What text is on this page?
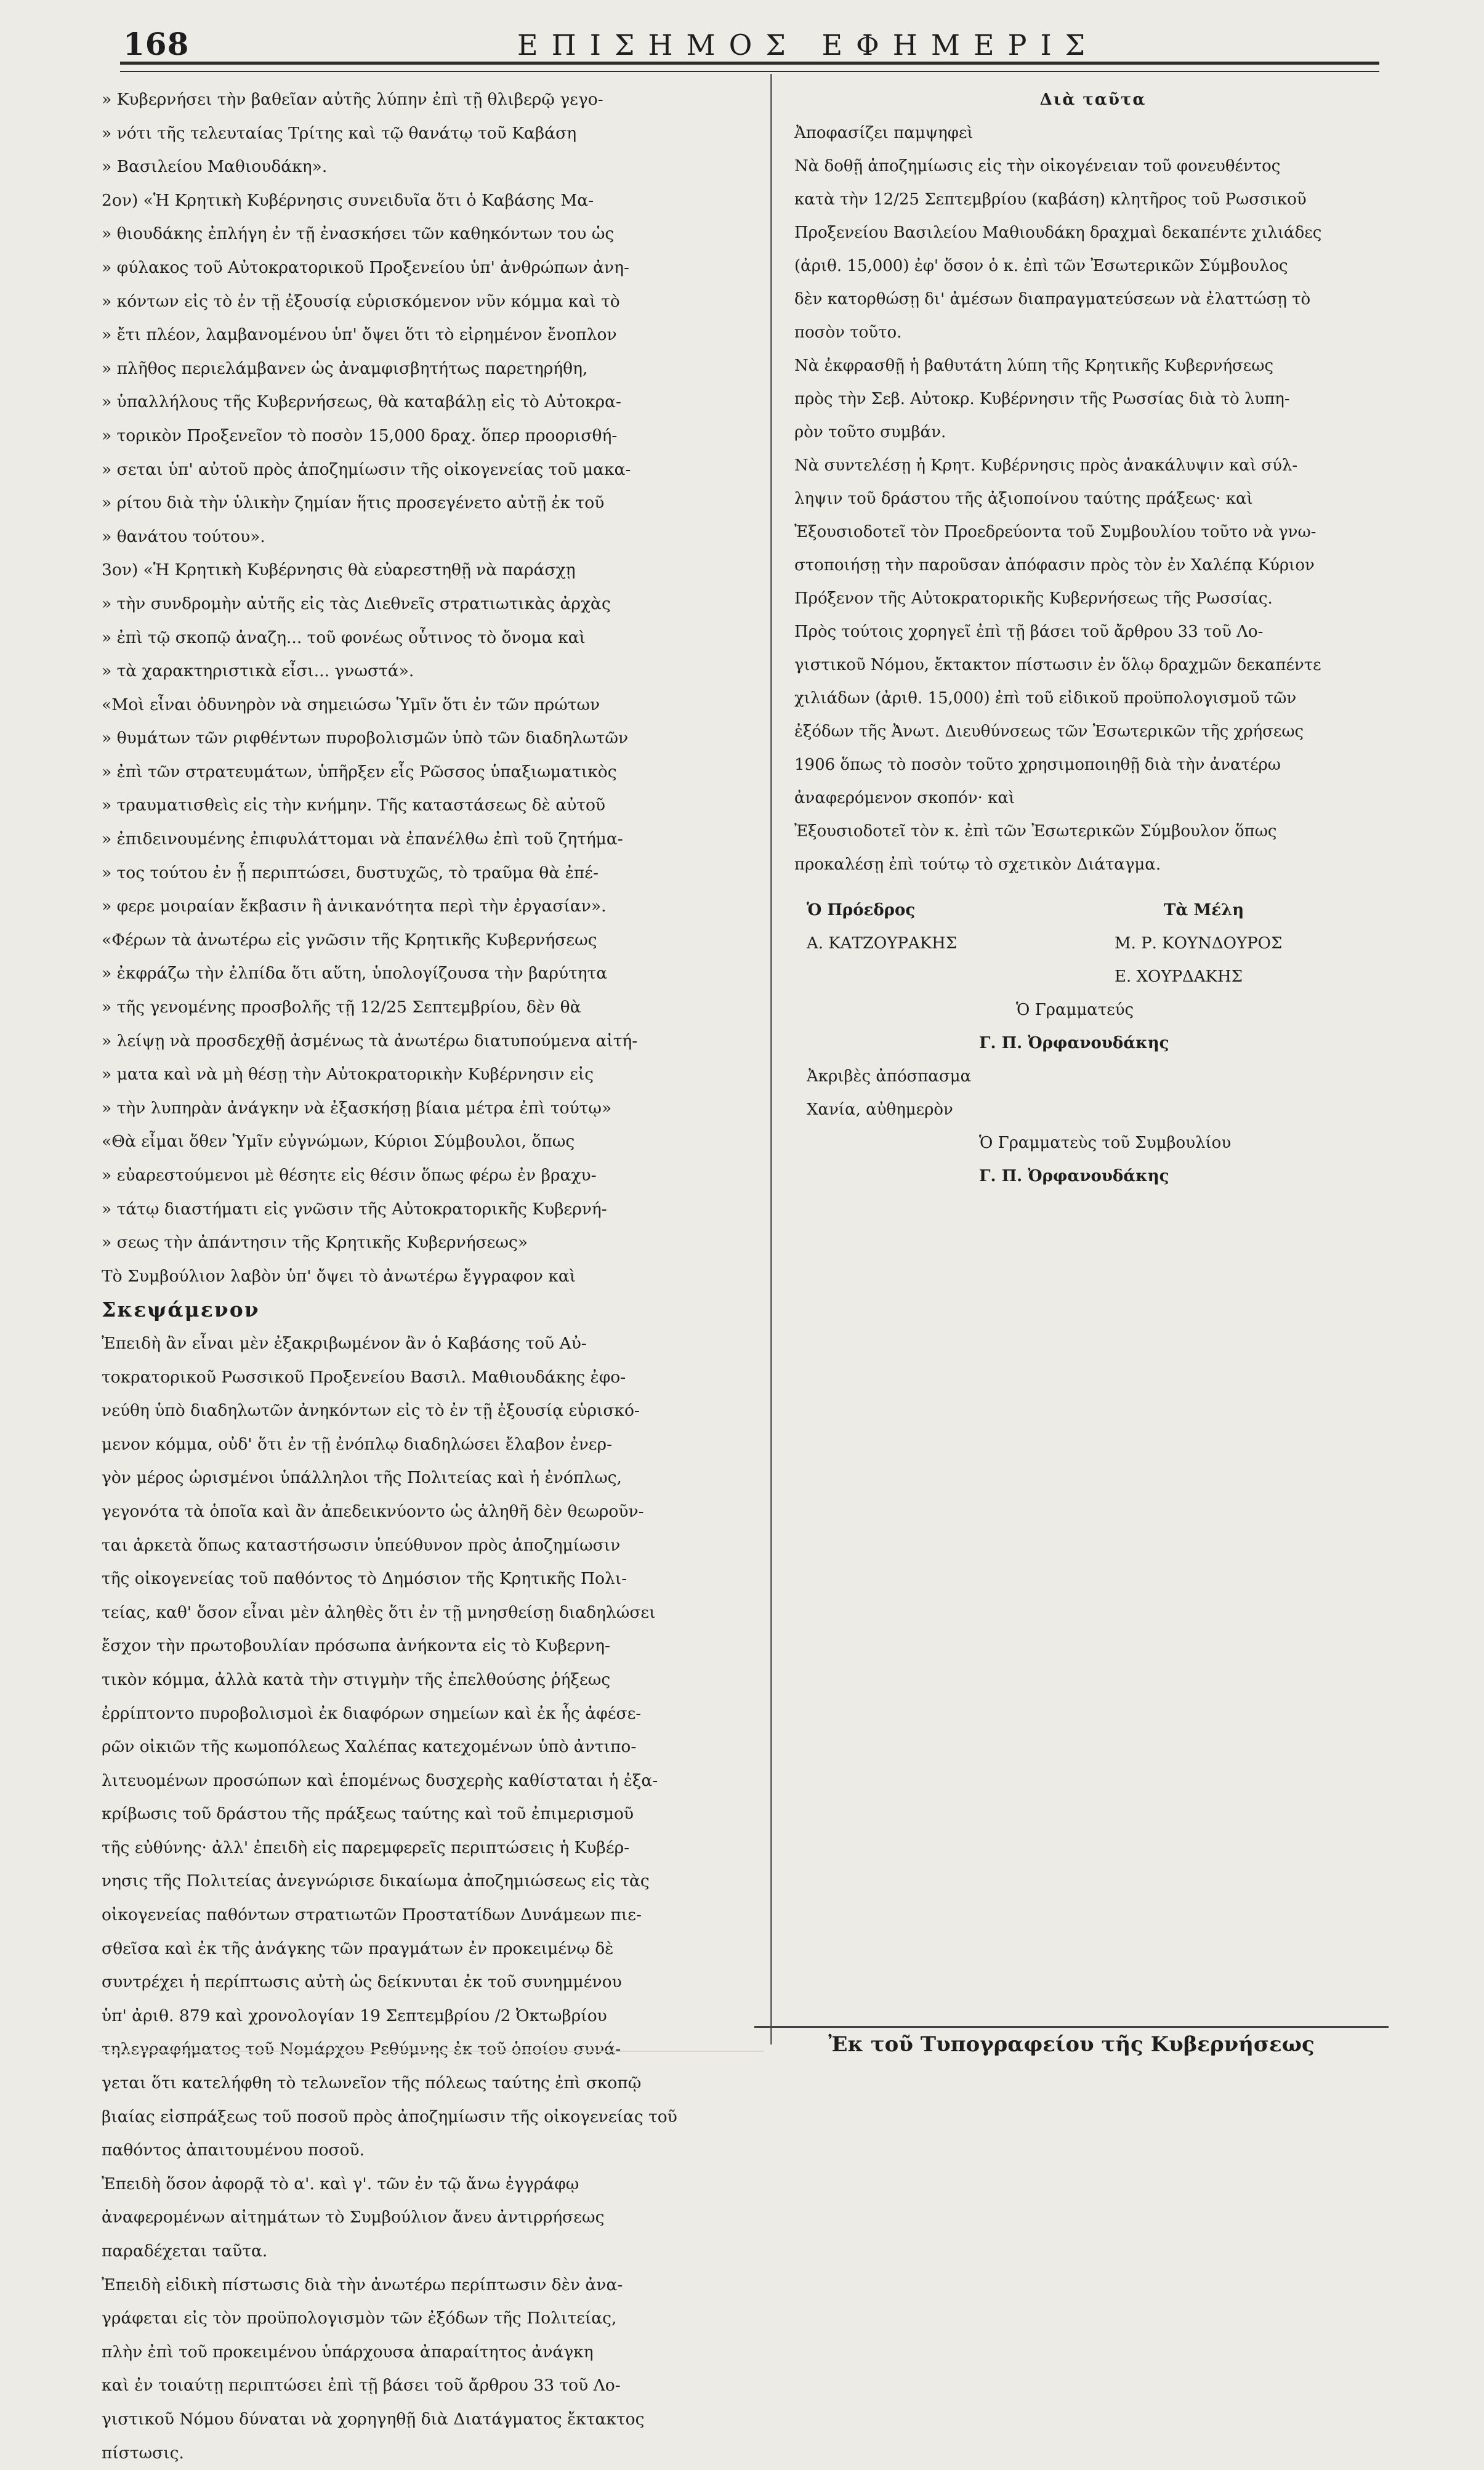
168	ΕΠΙΣΗΜΟΣ ΕΦΗΜΕΡΙΣ
» Κυβερνήσει τὴν βαθεῖαν αὐτῆς λύπην ἐπὶ τῇ θλιβερῷ γεγο-
» νότι τῆς τελευταίας Τρίτης καὶ τῷ θανάτῳ τοῦ Καβάση
» Βασιλείου Μαθιουδάκη».
2ον) «Ἡ Κρητικὴ Κυβέρνησις συνειδυῖα ὅτι ὁ Καβάσης Μα-
» θιουδάκης ἐπλήγη ἐν τῇ ἐνασκήσει τῶν καθηκόντων του ὡς
» φύλακος τοῦ Αὐτοκρατορικοῦ Προξενείου ὑπ' ἀνθρώπων ἀνη-
» κόντων εἰς τὸ ἐν τῇ ἐξουσίᾳ εὑρισκόμενον νῦν κόμμα καὶ τὸ
» ἔτι πλέον, λαμβανομένου ὑπ' ὄψει ὅτι τὸ εἰρημένον ἔνοπλον
» πλῆθος περιελάμβανεν ὡς ἀναμφισβητήτως παρετηρήθη,
» ὑπαλλήλους τῆς Κυβερνήσεως, θὰ καταβάλῃ εἰς τὸ Αὐτοκρα-
» τορικὸν Προξενεῖον τὸ ποσὸν 15,000 δραχ. ὅπερ προορισθή-
» σεται ὑπ' αὐτοῦ πρὸς ἀποζημίωσιν τῆς οἰκογενείας τοῦ μακα-
» ρίτου διὰ τὴν ὑλικὴν ζημίαν ἥτις προσεγένετο αὐτῇ ἐκ τοῦ
» θανάτου τούτου».
3ον) «Ἡ Κρητικὴ Κυβέρνησις θὰ εὐαρεστηθῇ νὰ παράσχῃ
» τὴν συνδρομὴν αὐτῆς εἰς τὰς Διεθνεῖς στρατιωτικὰς ἀρχὰς
» ἐπὶ τῷ σκοπῷ ἀναζη... τοῦ φονέως οὗτινος τὸ ὄνομα καὶ
» τὰ χαρακτηριστικὰ εἶσι... γνωστά».
«Μοὶ εἶναι ὀδυνηρὸν νὰ σημειώσω Ὑμῖν ὅτι ἐν τῶν πρώτων
» θυμάτων τῶν ριφθέντων πυροβολισμῶν ὑπὸ τῶν διαδηλωτῶν
» ἐπὶ τῶν στρατευμάτων, ὑπῆρξεν εἷς Ρῶσσος ὑπαξιωματικὸς
» τραυματισθεὶς εἰς τὴν κνήμην. Τῆς καταστάσεως δὲ αὐτοῦ
» ἐπιδεινουμένης ἐπιφυλάττομαι νὰ ἐπανέλθω ἐπὶ τοῦ ζητήμα-
» τος τούτου ἐν ᾗ περιπτώσει, δυστυχῶς, τὸ τραῦμα θὰ ἐπέ-
» φερε μοιραίαν ἔκβασιν ἢ ἀνικανότητα περὶ τὴν ἐργασίαν».
«Φέρων τὰ ἀνωτέρω εἰς γνῶσιν τῆς Κρητικῆς Κυβερνήσεως
» ἐκφράζω τὴν ἐλπίδα ὅτι αὕτη, ὑπολογίζουσα τὴν βαρύτητα
» τῆς γενομένης προσβολῆς τῇ 12/25 Σεπτεμβρίου, δὲν θὰ
» λείψῃ νὰ προσδεχθῇ ἀσμένως τὰ ἀνωτέρω διατυπούμενα αἰτή-
» ματα καὶ νὰ μὴ θέσῃ τὴν Αὐτοκρατορικὴν Κυβέρνησιν εἰς
» τὴν λυπηρὰν ἀνάγκην νὰ ἐξασκήσῃ βίαια μέτρα ἐπὶ τούτῳ»
«Θὰ εἶμαι ὅθεν Ὑμῖν εὐγνώμων, Κύριοι Σύμβουλοι, ὅπως
» εὐαρεστούμενοι μὲ θέσητε εἰς θέσιν ὅπως φέρω ἐν βραχυ-
» τάτῳ διαστήματι εἰς γνῶσιν τῆς Αὐτοκρατορικῆς Κυβερνή-
» σεως τὴν ἀπάντησιν τῆς Κρητικῆς Κυβερνήσεως»
Τὸ Συμβούλιον λαβὸν ὑπ' ὄψει τὸ ἀνωτέρω ἔγγραφον καὶ
Σκεψάμενον
Ἐπειδὴ ἂν εἶναι μὲν ἐξακριβωμένον ἂν ὁ Καβάσης τοῦ Αὐ-
τοκρατορικοῦ Ρωσσικοῦ Προξενείου Βασιλ. Μαθιουδάκης ἐφο-
νεύθη ὑπὸ διαδηλωτῶν ἀνηκόντων εἰς τὸ ἐν τῇ ἐξουσίᾳ εὑρισκό-
μενον κόμμα, οὐδ' ὅτι ἐν τῇ ἐνόπλῳ διαδηλώσει ἔλαβον ἐνερ-
γὸν μέρος ὡρισμένοι ὑπάλληλοι τῆς Πολιτείας καὶ ἡ ἐνόπλως,
γεγονότα τὰ ὁποῖα καὶ ἂν ἀπεδεικνύοντο ὡς ἀληθῆ δὲν θεωροῦν-
ται ἀρκετὰ ὅπως καταστήσωσιν ὑπεύθυνον πρὸς ἀποζημίωσιν
τῆς οἰκογενείας τοῦ παθόντος τὸ Δημόσιον τῆς Κρητικῆς Πολι-
τείας, καθ' ὅσον εἶναι μὲν ἀληθὲς ὅτι ἐν τῇ μνησθείσῃ διαδηλώσει
ἔσχον τὴν πρωτοβουλίαν πρόσωπα ἀνήκοντα εἰς τὸ Κυβερνη-
τικὸν κόμμα, ἀλλὰ κατὰ τὴν στιγμὴν τῆς ἐπελθούσης ῥήξεως
ἐρρίπτοντο πυροβολισμοὶ ἐκ διαφόρων σημείων καὶ ἐκ ἧς ἀφέσε-
ρῶν οἰκιῶν τῆς κωμοπόλεως Χαλέπας κατεχομένων ὑπὸ ἀντιπο-
λιτευομένων προσώπων καὶ ἑπομένως δυσχερὴς καθίσταται ἡ ἐξα-
κρίβωσις τοῦ δράστου τῆς πράξεως ταύτης καὶ τοῦ ἐπιμερισμοῦ
τῆς εὐθύνης· ἀλλ' ἐπειδὴ εἰς παρεμφερεῖς περιπτώσεις ἡ Κυβέρ-
νησις τῆς Πολιτείας ἀνεγνώρισε δικαίωμα ἀποζημιώσεως εἰς τὰς
οἰκογενείας παθόντων στρατιωτῶν Προστατίδων Δυνάμεων πιε-
σθεῖσα καὶ ἐκ τῆς ἀνάγκης τῶν πραγμάτων ἐν προκειμένῳ δὲ
συντρέχει ἡ περίπτωσις αὐτὴ ὡς δείκνυται ἐκ τοῦ συνημμένου
ὑπ' ἀριθ. 879 καὶ χρονολογίαν 19 Σεπτεμβρίου /2 Ὀκτωβρίου
τηλεγραφήματος τοῦ Νομάρχου Ρεθύμνης ἐκ τοῦ ὁποίου συνά-
γεται ὅτι κατελήφθη τὸ τελωνεῖον τῆς πόλεως ταύτης ἐπὶ σκοπῷ
βιαίας εἰσπράξεως τοῦ ποσοῦ πρὸς ἀποζημίωσιν τῆς οἰκογενείας τοῦ
παθόντος ἀπαιτουμένου ποσοῦ.
Ἐπειδὴ ὅσον ἀφορᾷ τὸ α'. καὶ γ'. τῶν ἐν τῷ ἄνω ἐγγράφῳ
ἀναφερομένων αἰτημάτων τὸ Συμβούλιον ἄνευ ἀντιρρήσεως
παραδέχεται ταῦτα.
Ἐπειδὴ εἰδικὴ πίστωσις διὰ τὴν ἀνωτέρω περίπτωσιν δὲν ἀνα-
γράφεται εἰς τὸν προϋπολογισμὸν τῶν ἐξόδων τῆς Πολιτείας,
πλὴν ἐπὶ τοῦ προκειμένου ὑπάρχουσα ἀπαραίτητος ἀνάγκη
καὶ ἐν τοιαύτῃ περιπτώσει ἐπὶ τῇ βάσει τοῦ ἄρθρου 33 τοῦ Λο-
γιστικοῦ Νόμου δύναται νὰ χορηγηθῇ διὰ Διατάγματος ἔκτακτος
πίστωσις.
Διὰ ταῦτα
Ἀποφασίζει παμψηφεὶ
Νὰ δοθῇ ἀποζημίωσις εἰς τὴν οἰκογένειαν τοῦ φονευθέντος
κατὰ τὴν 12/25 Σεπτεμβρίου (καβάση) κλητῆρος τοῦ Ρωσσικοῦ
Προξενείου Βασιλείου Μαθιουδάκη δραχμαὶ δεκαπέντε χιλιάδες
(ἀριθ. 15,000) ἐφ' ὅσον ὁ κ. ἐπὶ τῶν Ἐσωτερικῶν Σύμβουλος
δὲν κατορθώσῃ δι' ἀμέσων διαπραγματεύσεων νὰ ἐλαττώσῃ τὸ
ποσὸν τοῦτο.
Νὰ ἐκφρασθῇ ἡ βαθυτάτη λύπη τῆς Κρητικῆς Κυβερνήσεως
πρὸς τὴν Σεβ. Αὐτοκρ. Κυβέρνησιν τῆς Ρωσσίας διὰ τὸ λυπη-
ρὸν τοῦτο συμβάν.
Νὰ συντελέσῃ ἡ Κρητ. Κυβέρνησις πρὸς ἀνακάλυψιν καὶ σύλ-
ληψιν τοῦ δράστου τῆς ἀξιοποίνου ταύτης πράξεως· καὶ
Ἐξουσιοδοτεῖ τὸν Προεδρεύοντα τοῦ Συμβουλίου τοῦτο νὰ γνω-
στοποιήσῃ τὴν παροῦσαν ἀπόφασιν πρὸς τὸν ἐν Χαλέπᾳ Κύριον
Πρόξενον τῆς Αὐτοκρατορικῆς Κυβερνήσεως τῆς Ρωσσίας.
Πρὸς τούτοις χορηγεῖ ἐπὶ τῇ βάσει τοῦ ἄρθρου 33 τοῦ Λο-
γιστικοῦ Νόμου, ἔκτακτον πίστωσιν ἐν ὅλῳ δραχμῶν δεκαπέντε
χιλιάδων (ἀριθ. 15,000) ἐπὶ τοῦ εἰδικοῦ προϋπολογισμοῦ τῶν
ἐξόδων τῆς Ἀνωτ. Διευθύνσεως τῶν Ἐσωτερικῶν τῆς χρήσεως
1906 ὅπως τὸ ποσὸν τοῦτο χρησιμοποιηθῇ διὰ τὴν ἀνατέρω
ἀναφερόμενον σκοπόν· καὶ
Ἐξουσιοδοτεῖ τὸν κ. ἐπὶ τῶν Ἐσωτερικῶν Σύμβουλον ὅπως
προκαλέσῃ ἐπὶ τούτῳ τὸ σχετικὸν Διάταγμα.
Ὁ Πρόεδρος	Τὰ Μέλη
Α. ΚΑΤΖΟΥΡΑΚΗΣ	Μ. Ρ. ΚΟΥΝΔΟΥΡΟΣ
Ε. ΧΟΥΡΔΑΚΗΣ
Ὁ Γραμματεύς
Γ. Π. Ὀρφανουδάκης
Ἀκριβὲς ἀπόσπασμα
Χανία, αὐθημερὸν
Ὁ Γραμματεὺς τοῦ Συμβουλίου
Γ. Π. Ὀρφανουδάκης
Ἐκ τοῦ Τυπογραφείου τῆς Κυβερνήσεως
